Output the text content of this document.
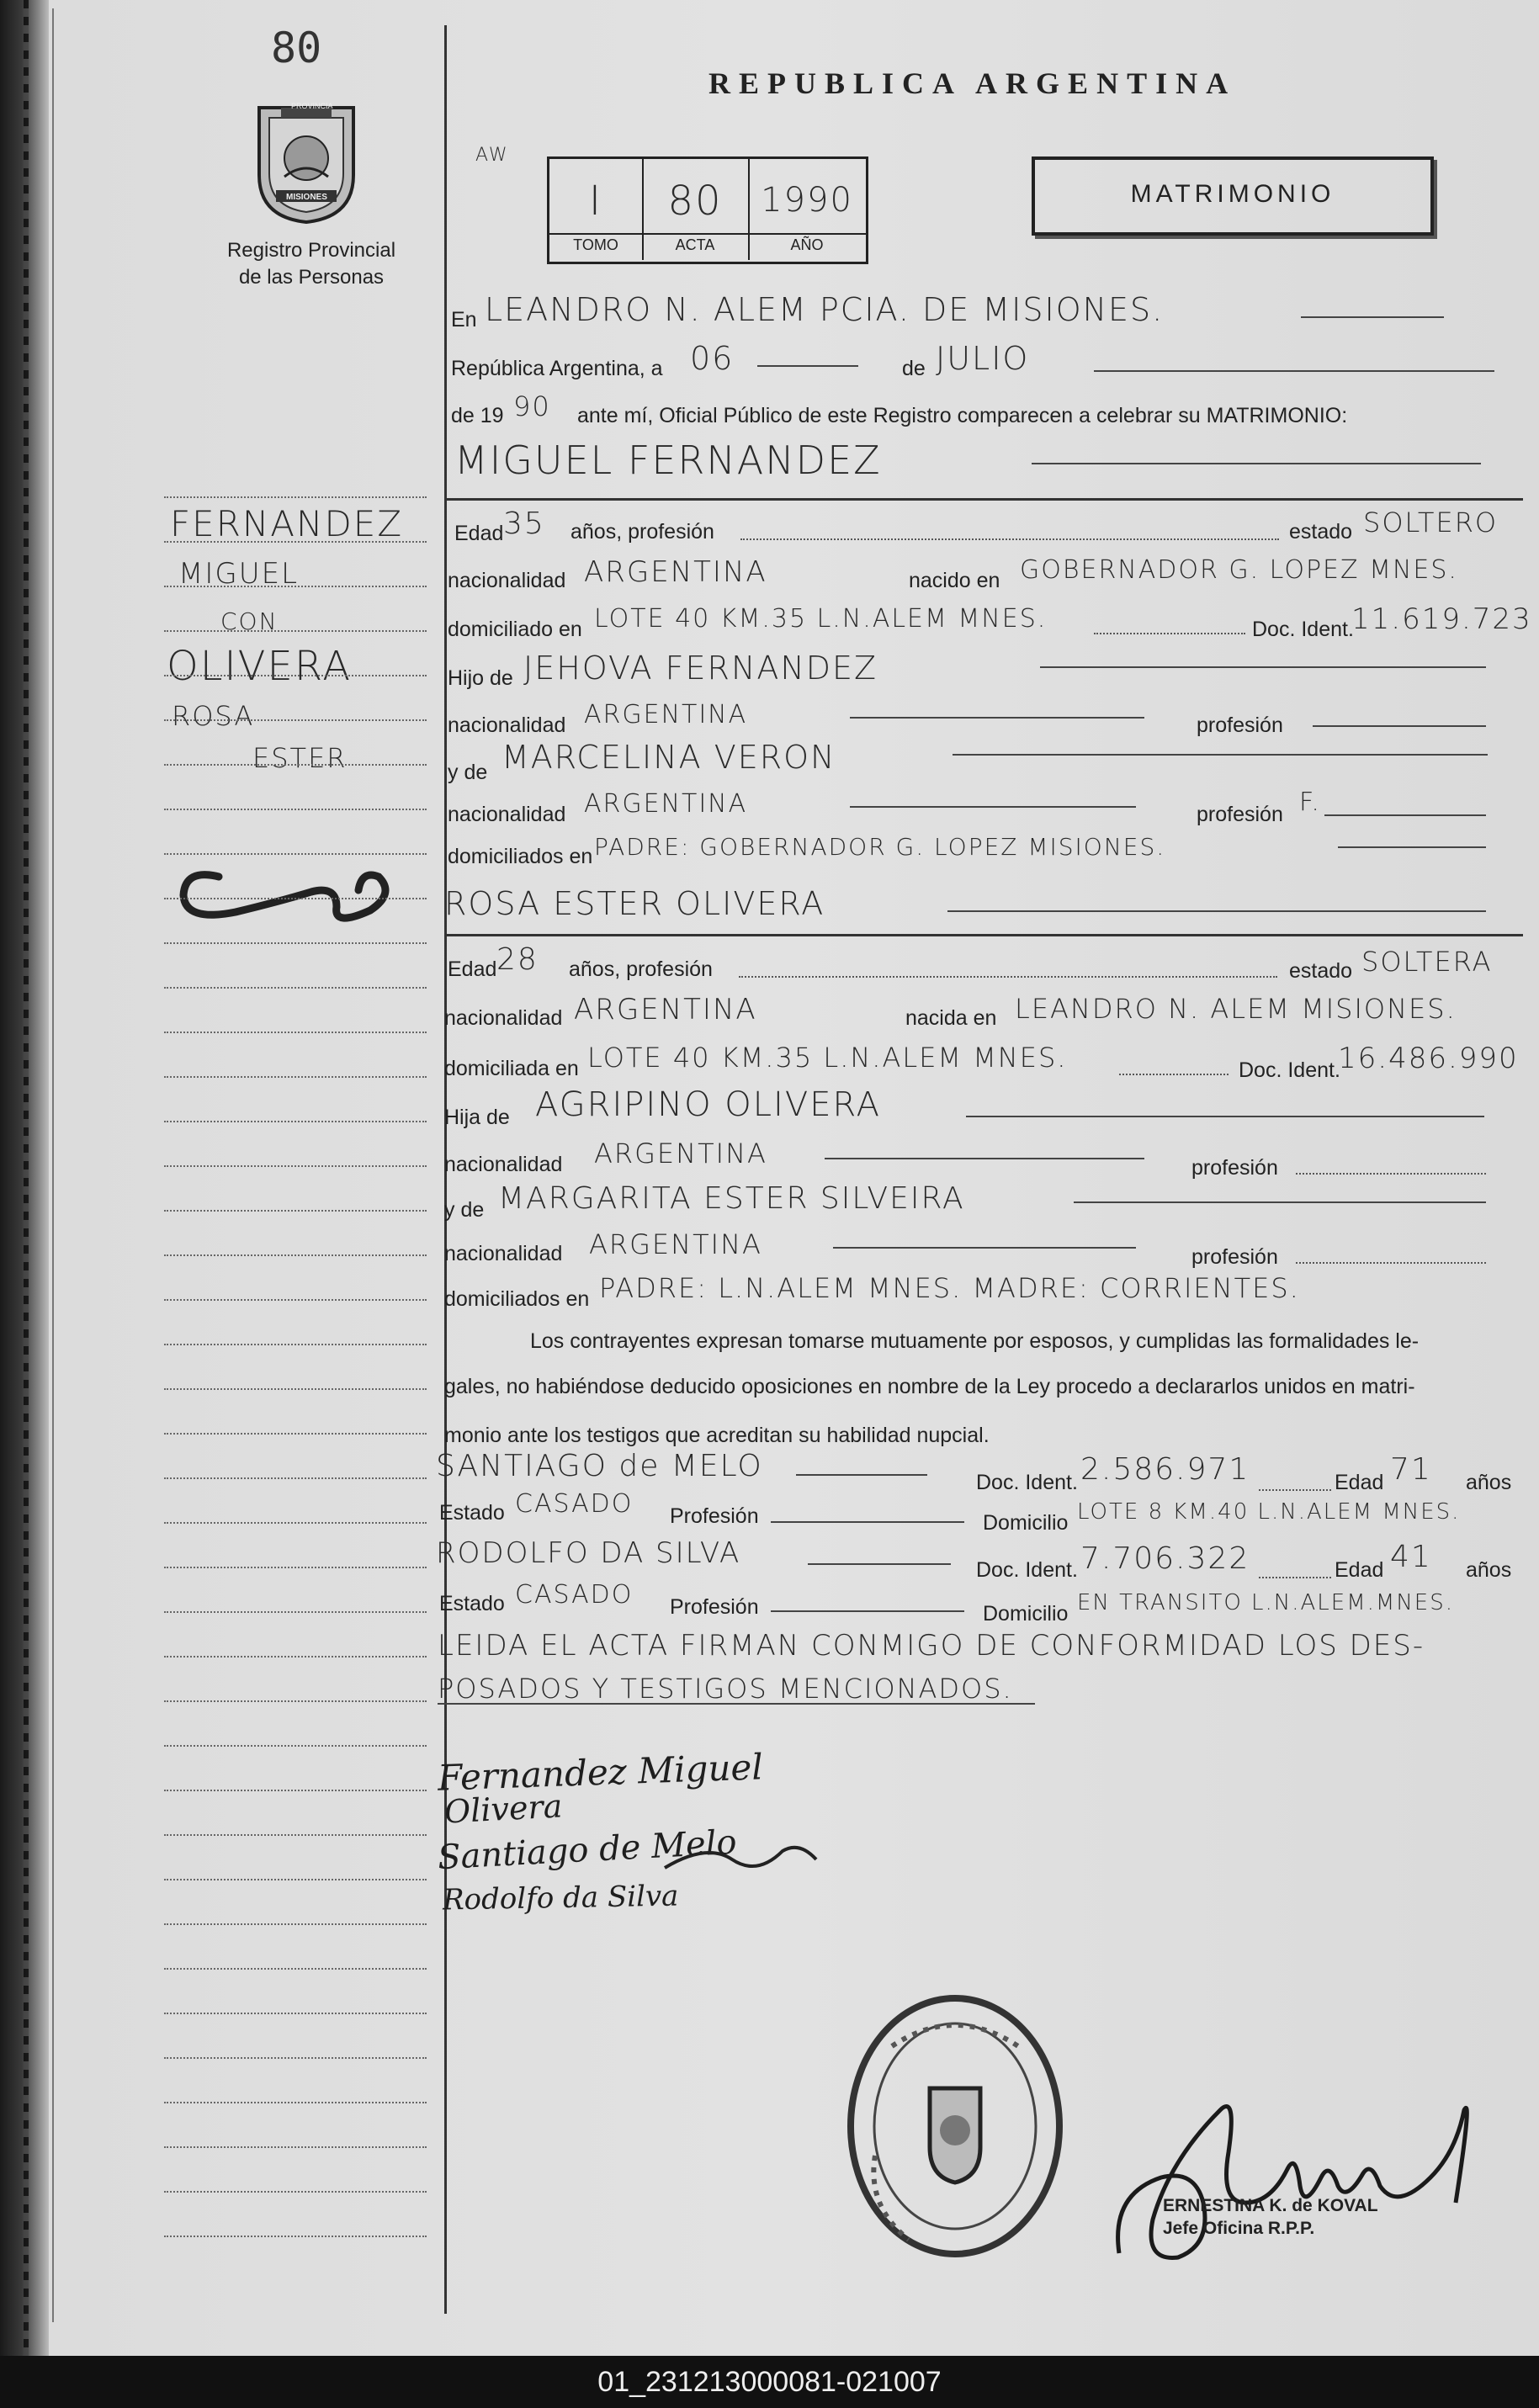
80
PROVINCIA
MISIONES
Registro Provincial
de las Personas
REPUBLICA ARGENTINA
AW
I	80	1990
TOMO	ACTA	AÑO
MATRIMONIO
En LEANDRO N. ALEM PCIA. DE MISIONES.
República Argentina, a 06	de JULIO
de 19 90 ante mí, Oficial Público de este Registro comparecen a celebrar su MATRIMONIO:
MIGUEL FERNANDEZ
FERNANDEZ
MIGUEL
CON
OLIVERA
ROSA
ESTER
Edad 35 años, profesión	estado SOLTERO
nacionalidad ARGENTINA	nacido en GOBERNADOR G. LOPEZ MNES.
domiciliado en LOTE 40 KM.35 L.N.ALEM MNES.	Doc. Ident.
11.619.723
Hijo de JEHOVA FERNANDEZ
nacionalidad ARGENTINA	profesión
y de MARCELINA VERON
nacionalidad ARGENTINA	profesión F.
domiciliados en PADRE: GOBERNADOR G. LOPEZ MISIONES.
ROSA ESTER OLIVERA
Edad 28 años, profesión	estado SOLTERA
nacionalidad ARGENTINA	nacida en LEANDRO N. ALEM MISIONES.
domiciliada en LOTE 40 KM.35 L.N.ALEM MNES.	Doc. Ident.
16.486.990
Hija de AGRIPINO OLIVERA
nacionalidad ARGENTINA	profesión
y de MARGARITA ESTER SILVEIRA
nacionalidad ARGENTINA	profesión
domiciliados en PADRE: L.N.ALEM MNES. MADRE: CORRIENTES.
Los contrayentes expresan tomarse mutuamente por esposos, y cumplidas las formalidades le-
gales, no habiéndose deducido oposiciones en nombre de la Ley procedo a declararlos unidos en matri-
monio ante los testigos que acreditan su habilidad nupcial.
SANTIAGO de MELO	Doc. Ident. 2.586.971	Edad 71 años
Estado CASADO Profesión	Domicilio LOTE 8 KM.40 L.N.ALEM MNES.
RODOLFO DA SILVA	Doc. Ident. 7.706.322	Edad 41 años
Estado CASADO Profesión	Domicilio EN TRANSITO L.N.ALEM.MNES.
LEIDA EL ACTA FIRMAN CONMIGO DE CONFORMIDAD LOS DES-
POSADOS Y TESTIGOS MENCIONADOS.
Fernandez Miguel
Olivera
Santiago de Melo
Rodolfo da Silva
ERNESTINA K. de KOVAL
Jefe Oficina R.P.P.
01_231213000081-021007
